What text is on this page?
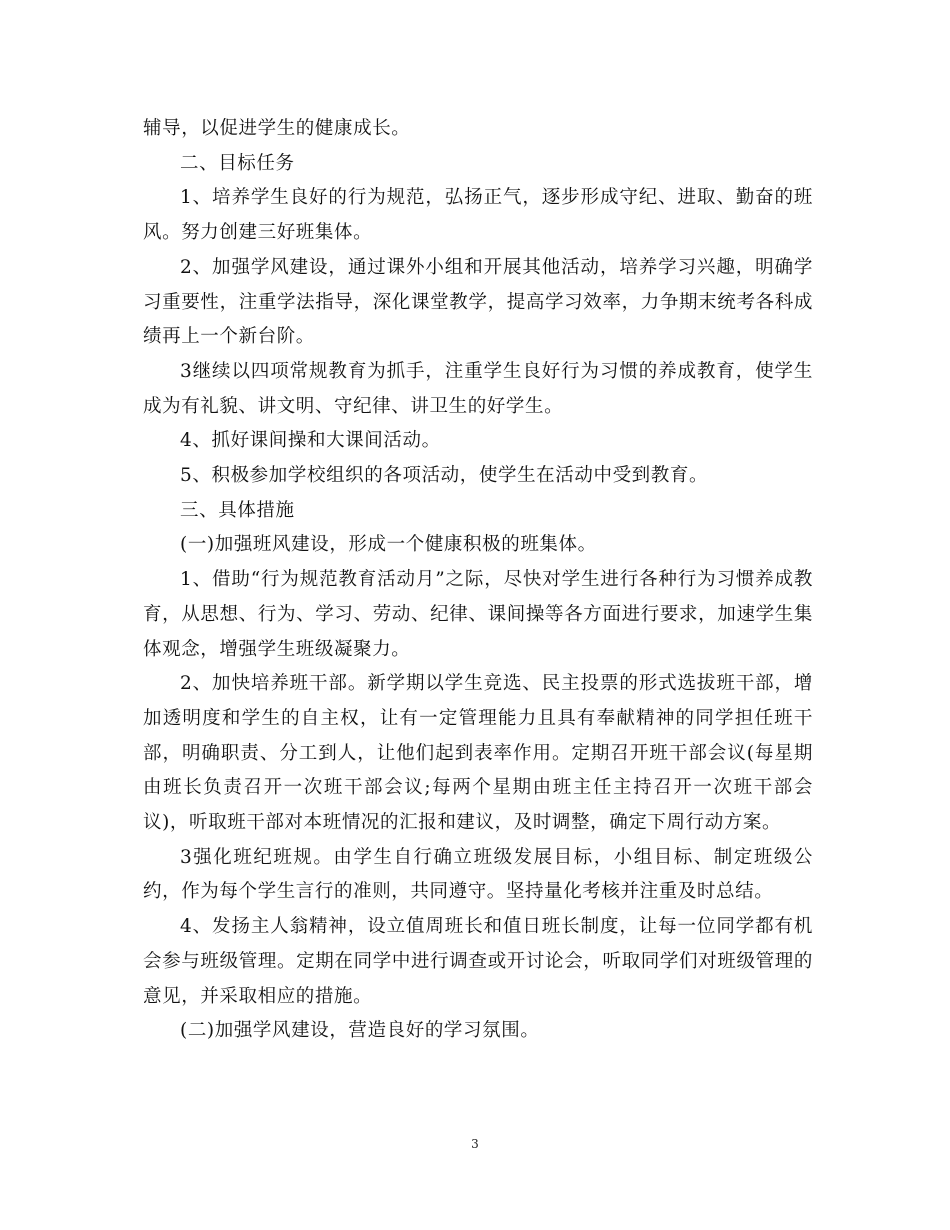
辅导，以促进学生的健康成长。

二、目标任务

1、培养学生良好的行为规范，弘扬正气，逐步形成守纪、进取、勤奋的班风。努力创建三好班集体。

2、加强学风建设，通过课外小组和开展其他活动，培养学习兴趣，明确学习重要性，注重学法指导，深化课堂教学，提高学习效率，力争期末统考各科成绩再上一个新台阶。

3继续以四项常规教育为抓手，注重学生良好行为习惯的养成教育，使学生成为有礼貌、讲文明、守纪律、讲卫生的好学生。

4、抓好课间操和大课间活动。

5、积极参加学校组织的各项活动，使学生在活动中受到教育。

三、具体措施

(一)加强班风建设，形成一个健康积极的班集体。

1、借助“行为规范教育活动月”之际，尽快对学生进行各种行为习惯养成教育，从思想、行为、学习、劳动、纪律、课间操等各方面进行要求，加速学生集体观念，增强学生班级凝聚力。

2、加快培养班干部。新学期以学生竞选、民主投票的形式选拔班干部，增加透明度和学生的自主权，让有一定管理能力且具有奉献精神的同学担任班干部，明确职责、分工到人，让他们起到表率作用。定期召开班干部会议(每星期由班长负责召开一次班干部会议;每两个星期由班主任主持召开一次班干部会议)，听取班干部对本班情况的汇报和建议，及时调整，确定下周行动方案。

3强化班纪班规。由学生自行确立班级发展目标，小组目标、制定班级公约，作为每个学生言行的准则，共同遵守。坚持量化考核并注重及时总结。

4、发扬主人翁精神，设立值周班长和值日班长制度，让每一位同学都有机会参与班级管理。定期在同学中进行调查或开讨论会，听取同学们对班级管理的意见，并采取相应的措施。

(二)加强学风建设，营造良好的学习氛围。

3
